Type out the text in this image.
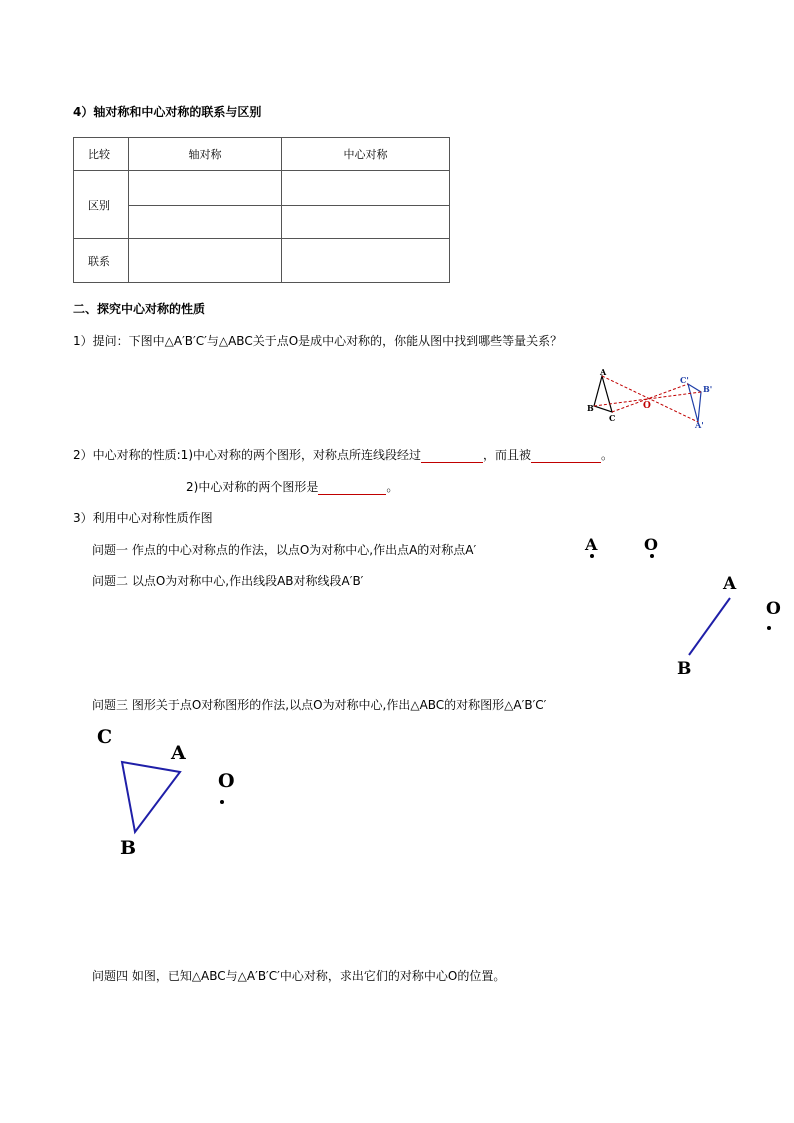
4）轴对称和中心对称的联系与区别
比较	轴对称	中心对称
区别		

联系		
二、探究中心对称的性质
1）提问：下图中△A′B′C′与△ABC关于点O是成中心对称的，你能从图中找到哪些等量关系？
A
B
C
O
C'
B'
A'
2）中心对称的性质:1)中心对称的两个图形，对称点所连线段经过	，而且被	。
2)中心对称的两个图形是	。
3）利用中心对称性质作图
问题一 作点的中心对称点的作法，以点O为对称中心,作出点A的对称点A′	A	O
问题二 以点O为对称中心,作出线段AB对称线段A′B′	A
B
O
问题三 图形关于点O对称图形的作法,以点O为对称中心,作出△ABC的对称图形△A′B′C′
C
A
B
O
问题四 如图，已知△ABC与△A′B′C′中心对称，求出它们的对称中心O的位置。
